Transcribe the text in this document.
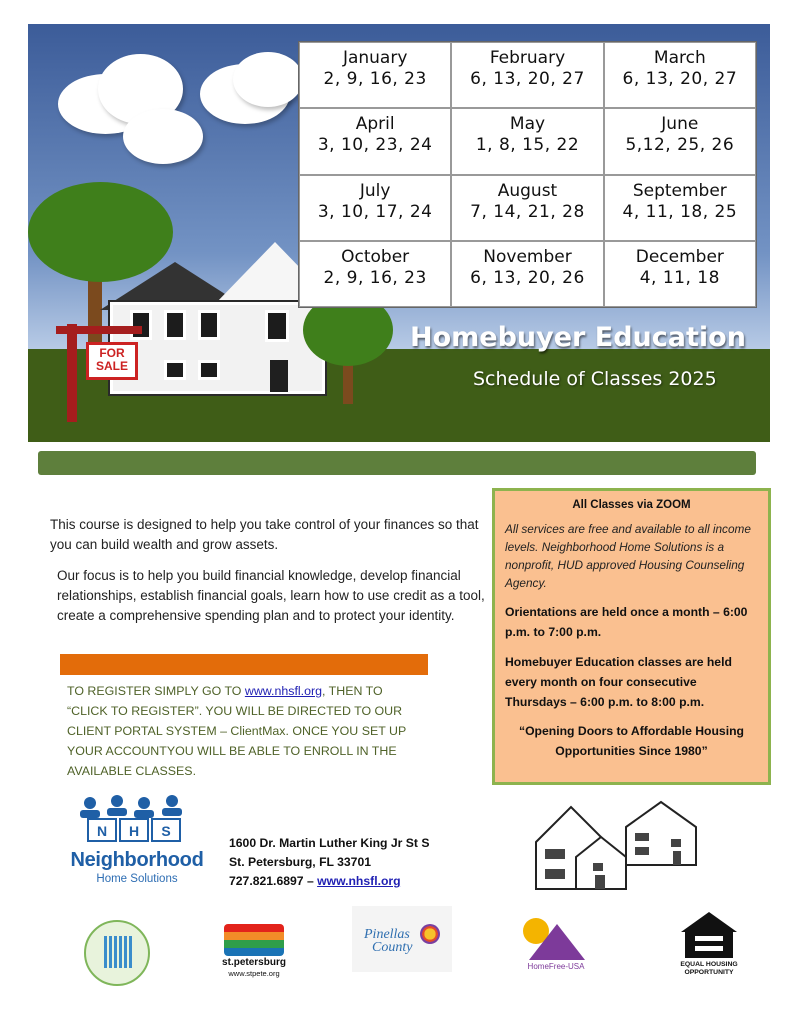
FOR SALE
January
2, 9, 16, 23
February
6, 13, 20, 27
March
6, 13, 20, 27
April
3, 10, 23, 24
May
1, 8, 15, 22
June
5,12, 25, 26
July
3, 10, 17, 24
August
7, 14, 21, 28
September
4, 11, 18, 25
October
2, 9, 16, 23
November
6, 13, 20, 26
December
4, 11, 18
Homebuyer Education
Schedule of Classes 2025

This course is designed to help you take control of your finances so that you can build wealth and grow assets.

Our focus is to help you build financial knowledge, develop financial relationships, establish financial goals, learn how to use credit as a tool, create a comprehensive spending plan and to protect your identity.

TO REGISTER SIMPLY GO TO www.nhsfl.org, THEN TO “CLICK TO REGISTER”. YOU WILL BE DIRECTED TO OUR CLIENT PORTAL SYSTEM – ClientMax. ONCE YOU SET UP YOUR ACCOUNTYOU WILL BE ABLE TO ENROLL IN THE AVAILABLE CLASSES.

All Classes via ZOOM
All services are free and available to all income levels. Neighborhood Home Solutions is a nonprofit, HUD approved Housing Counseling Agency.
Orientations are held once a month – 6:00 p.m. to 7:00 p.m.
Homebuyer Education classes are held every month on four consecutive Thursdays – 6:00 p.m. to 8:00 p.m.
“Opening Doors to Affordable Housing Opportunities Since 1980”
N H S
Neighborhood
Home Solutions
1600 Dr. Martin Luther King Jr St S
St. Petersburg, FL 33701
727.821.6897 – www.nhsfl.org
st.petersburg
www.stpete.org
Pinellas
County
HomeFree-USA	EQUAL HOUSING
OPPORTUNITY
